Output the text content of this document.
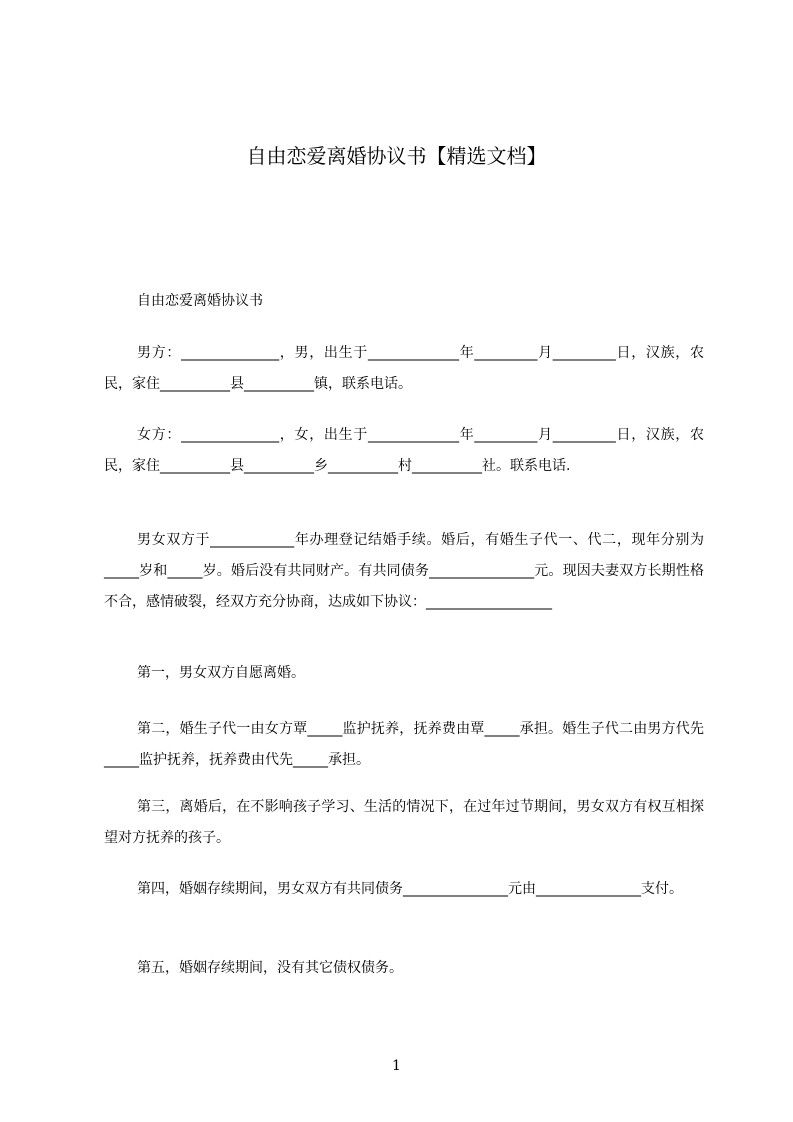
自由恋爱离婚协议书【精选文档】

自由恋爱离婚协议书

男方：______________，男，出生于_____________年_________月_________日，汉族，农民，家住__________县__________镇，联系电话。

女方：______________，女，出生于_____________年_________月_________日，汉族，农民，家住__________县__________乡__________村__________社。联系电话.

男女双方于____________年办理登记结婚手续。婚后，有婚生子代一、代二，现年分别为_____岁和_____岁。婚后没有共同财产。有共同债务_______________元。现因夫妻双方长期性格不合，感情破裂，经双方充分协商，达成如下协议：__________________

第一，男女双方自愿离婚。

第二，婚生子代一由女方覃_____监护抚养，抚养费由覃_____承担。婚生子代二由男方代先_____监护抚养，抚养费由代先_____承担。

第三，离婚后，在不影响孩子学习、生活的情况下，在过年过节期间，男女双方有权互相探望对方抚养的孩子。

第四，婚姻存续期间，男女双方有共同债务_______________元由_______________支付。

第五，婚姻存续期间，没有其它债权债务。

1
